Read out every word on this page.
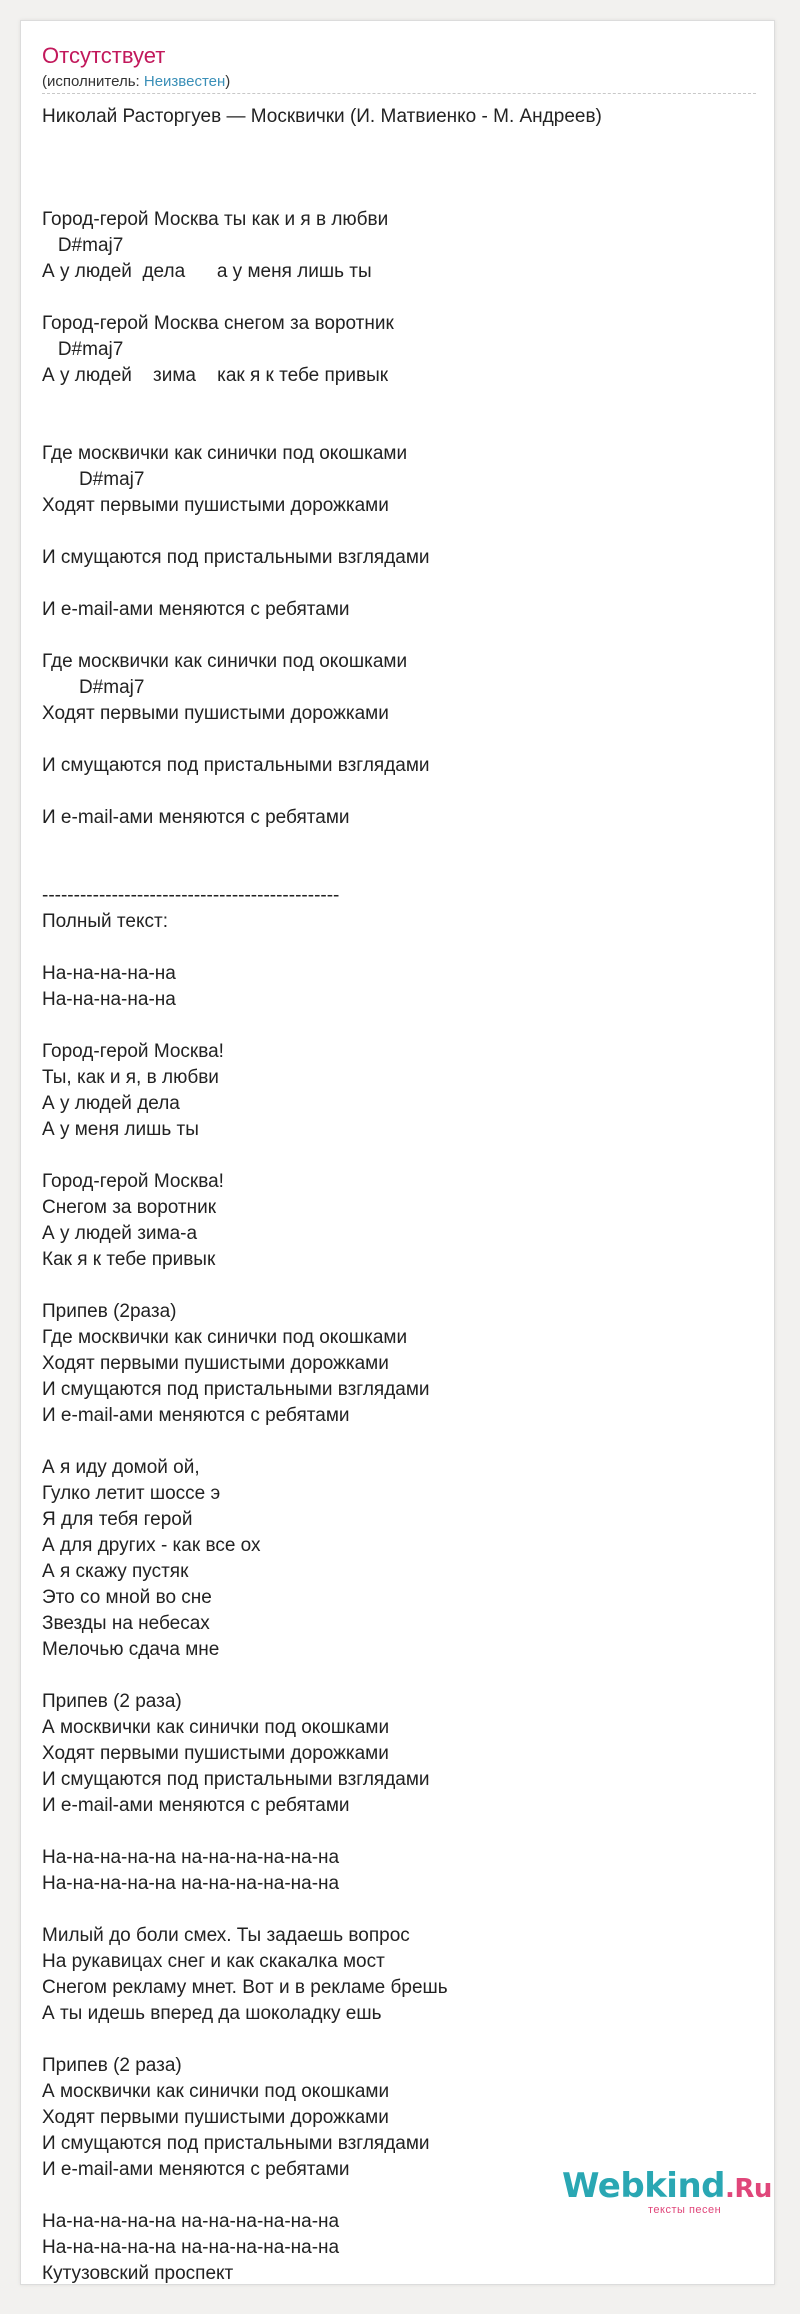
Отсутствует
(исполнитель: Неизвестен)
Николай Расторгуев — Москвички (И. Матвиенко - М. Андреев)
Город-герой Москва ты как и я в любви
D#maj7
А у людей  дела      а у меня лишь ты
Город-герой Москва снегом за воротник
D#maj7
А у людей    зима    как я к тебе привык
Где москвички как синички под окошками
D#maj7
Ходят первыми пушистыми дорожками
И смущаются под пристальными взглядами
И e-mail-ами меняются с ребятами
Где москвички как синички под окошками
D#maj7
Ходят первыми пушистыми дорожками
И смущаются под пристальными взглядами
И e-mail-ами меняются с ребятами
-----------------------------------------------
Полный текст:
На-на-на-на-на
На-на-на-на-на
Город-герой Москва!
Ты, как и я, в любви
А у людей дела
А у меня лишь ты
Город-герой Москва!
Снегом за воротник
А у людей зима-а
Как я к тебе привык
Припев (2раза)
Где москвички как синички под окошками
Ходят первыми пушистыми дорожками
И смущаются под пристальными взглядами
И e-mail-ами меняются с ребятами
А я иду домой ой,
Гулко летит шоссе э
Я для тебя герой
А для других - как все ох
А я скажу пустяк
Это со мной во сне
Звезды на небесах
Мелочью сдача мне
Припев (2 раза)
А москвички как синички под окошками
Ходят первыми пушистыми дорожками
И смущаются под пристальными взглядами
И e-mail-ами меняются с ребятами
На-на-на-на-на на-на-на-на-на-на
На-на-на-на-на на-на-на-на-на-на
Милый до боли смех. Ты задаешь вопрос
На рукавицах снег и как скакалка мост
Снегом рекламу мнет. Вот и в рекламе брешь
А ты идешь вперед да шоколадку ешь
Припев (2 раза)
А москвички как синички под окошками
Ходят первыми пушистыми дорожками
И смущаются под пристальными взглядами
И e-mail-ами меняются с ребятами
На-на-на-на-на на-на-на-на-на-на
На-на-на-на-на на-на-на-на-на-на
Кутузовский проспект
Webkind.Ru
тексты песен
